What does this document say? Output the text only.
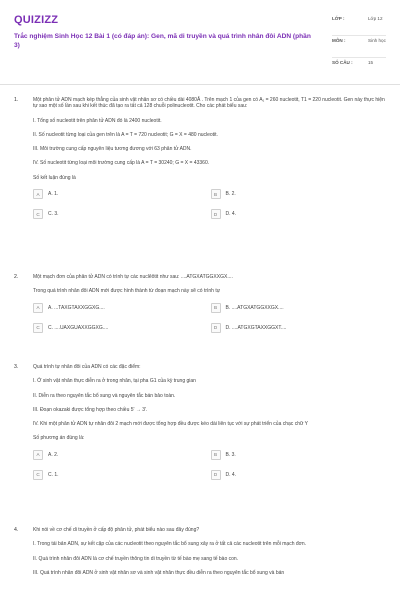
QUIZIZZ
Trắc nghiệm Sinh Học 12 Bài 1 (có đáp án): Gen, mã di truyền và quá trình nhân đôi ADN (phần 3)
LỚP :	Lớp 12
MÔN :	Sinh học
SỐ CÂU :	15
1.	Một phân tử ADN mạch kép thẳng của sinh vật nhân sơ có chiều dài 4080Å . Trên mạch 1 của gen có A₁ = 260 nucleotit, T1 = 220 nucleotit. Gen này thực hiện tự sao một số lần sau khi kết thúc đã tạo ra tất cả 128 chuỗi polinucleotit. Cho các phát biểu sau:

I. Tổng số nucleotit trên phân tử ADN đó là 2400 nucleotit.

II. Số nucleotit từng loại của gen trên là A = T = 720 nucleotit; G = X = 480 nucleotit.

III. Môi trường cung cấp nguyên liệu tương đương với 63 phân tử ADN.

IV. Số nucleotit từng loại môi trường cung cấp là A = T = 30240; G = X = 43360.

Số kết luận đúng là

A	A. 1.	B	B. 2.
C	C. 3.	D	D. 4.
2.	Một mạch đơn của phân tử ADN có trình tự các nuclêôtit như sau: ....ATGXATGGXXGX....

Trong quá trình nhân đôi ADN mới được hình thành từ đoạn mạch này sẽ có trình tự

A	A. ...TAXGTAXXGGXG....	B	B. ....ATGXATGGXXGX....
C	C. ....UAXGUAXXGGXG....	D	D. ....ATGXGTAXXGGXT....
3.	Quá trình tự nhân đôi của ADN có các đặc điểm:

I. Ở sinh vật nhân thực diễn ra ở trong nhân, tại pha G1 của kỳ trung gian

II. Diễn ra theo nguyên tắc bổ sung và nguyên tắc bán bảo toàn.

III. Đoạn okazaki được tổng hợp theo chiều 5' → 3'.

IV. Khi một phân tử ADN tự nhân đôi 2 mạch mới được tổng hợp đều được kéo dài liên tục với sự phát triển của chạc chữ Y

Số phương án đúng là:

A	A. 2.	B	B. 3.
C	C. 1.	D	D. 4.
4.	Khi nói về cơ chế di truyền ở cấp độ phân tử, phát biểu nào sau đây đúng?

I. Trong tái bản ADN, sự kết cặp của các nucleotit theo nguyên tắc bổ sung xảy ra ở tất cả các nucleotit trên mỗi mạch đơn.

II. Quá trình nhân đôi ADN là cơ chế truyền thông tin di truyền từ tế bào mẹ sang tế bào con.

III. Quá trình nhân đôi ADN ở sinh vật nhân sơ và sinh vật nhân thực đều diễn ra theo nguyên tắc bổ sung và bán
